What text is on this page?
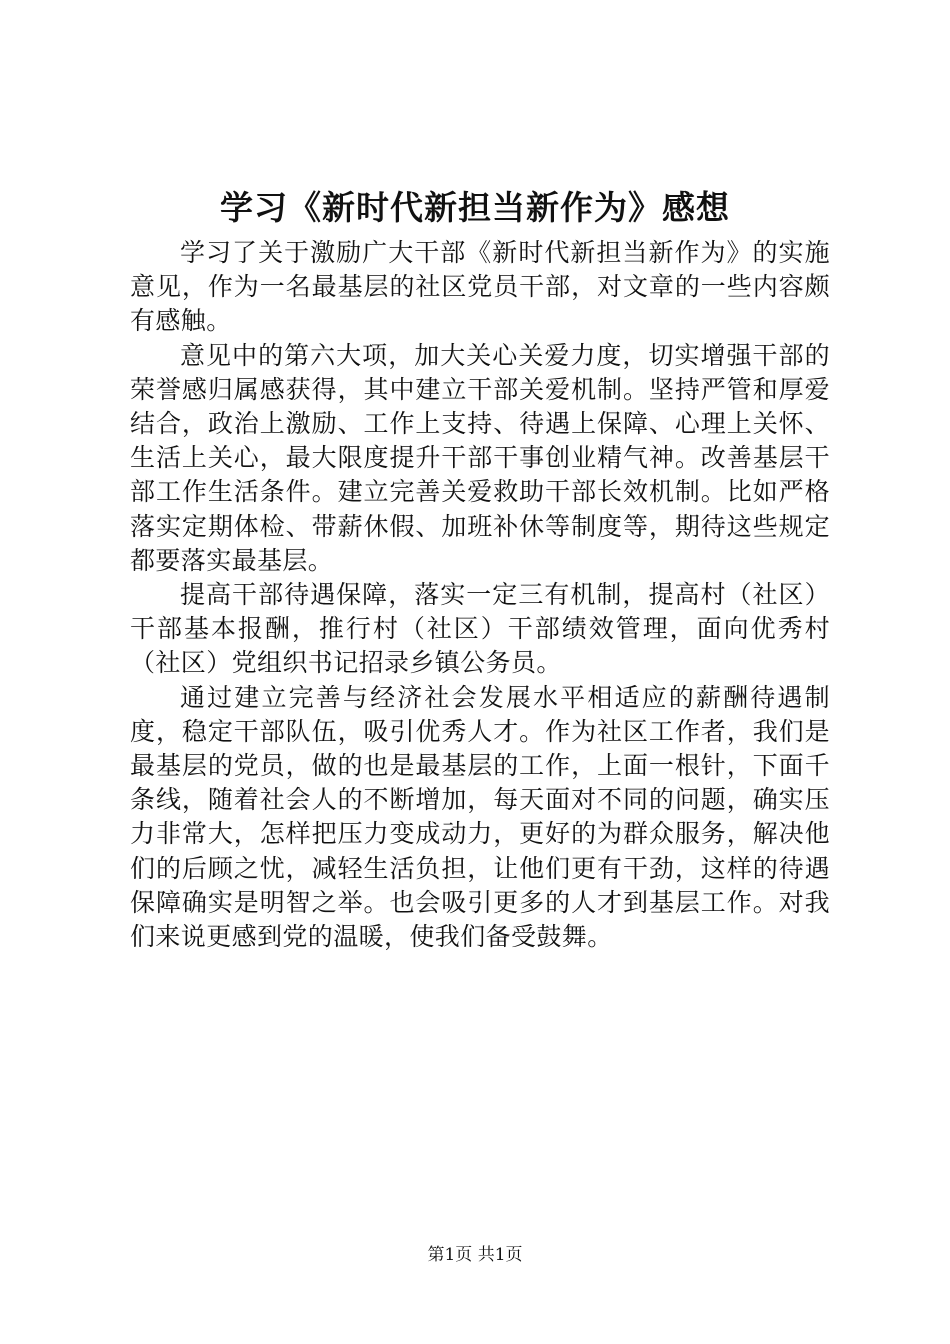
学习《新时代新担当新作为》感想

学习了关于激励广大干部《新时代新担当新作为》的实施意见，作为一名最基层的社区党员干部，对文章的一些内容颇有感触。

意见中的第六大项，加大关心关爱力度，切实增强干部的荣誉感归属感获得，其中建立干部关爱机制。坚持严管和厚爱结合，政治上激励、工作上支持、待遇上保障、心理上关怀、生活上关心，最大限度提升干部干事创业精气神。改善基层干部工作生活条件。建立完善关爱救助干部长效机制。比如严格落实定期体检、带薪休假、加班补休等制度等，期待这些规定都要落实最基层。

提高干部待遇保障，落实一定三有机制，提高村（社区）干部基本报酬，推行村（社区）干部绩效管理，面向优秀村（社区）党组织书记招录乡镇公务员。

通过建立完善与经济社会发展水平相适应的薪酬待遇制度，稳定干部队伍，吸引优秀人才。作为社区工作者，我们是最基层的党员，做的也是最基层的工作，上面一根针，下面千条线，随着社会人的不断增加，每天面对不同的问题，确实压力非常大，怎样把压力变成动力，更好的为群众服务，解决他们的后顾之忧，减轻生活负担，让他们更有干劲，这样的待遇保障确实是明智之举。也会吸引更多的人才到基层工作。对我们来说更感到党的温暖，使我们备受鼓舞。

第1页 共1页
